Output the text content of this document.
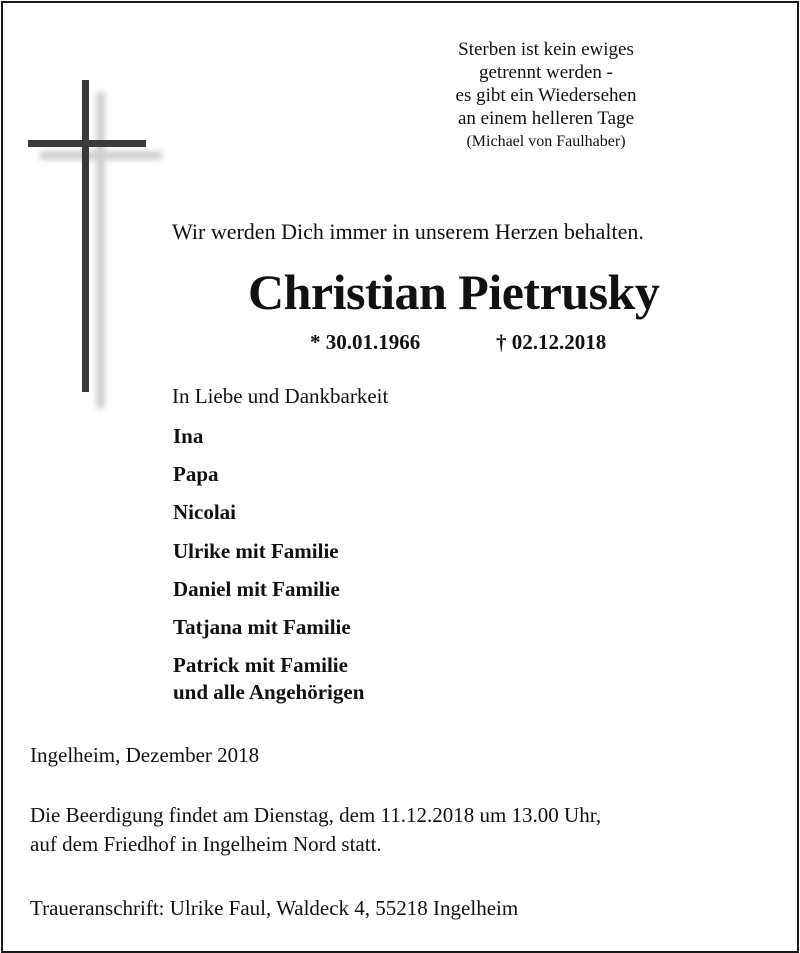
Sterben ist kein ewiges
getrennt werden -
es gibt ein Wiedersehen
an einem helleren Tage
(Michael von Faulhaber)
Wir werden Dich immer in unserem Herzen behalten.
Christian Pietrusky
* 30.01.1966	† 02.12.2018
In Liebe und Dankbarkeit
Ina
Papa
Nicolai
Ulrike mit Familie
Daniel mit Familie
Tatjana mit Familie
Patrick mit Familie
und alle Angehörigen
Ingelheim, Dezember 2018
Die Beerdigung findet am Dienstag, dem 11.12.2018 um 13.00 Uhr,
auf dem Friedhof in Ingelheim Nord statt.
Traueranschrift: Ulrike Faul, Waldeck 4, 55218 Ingelheim
